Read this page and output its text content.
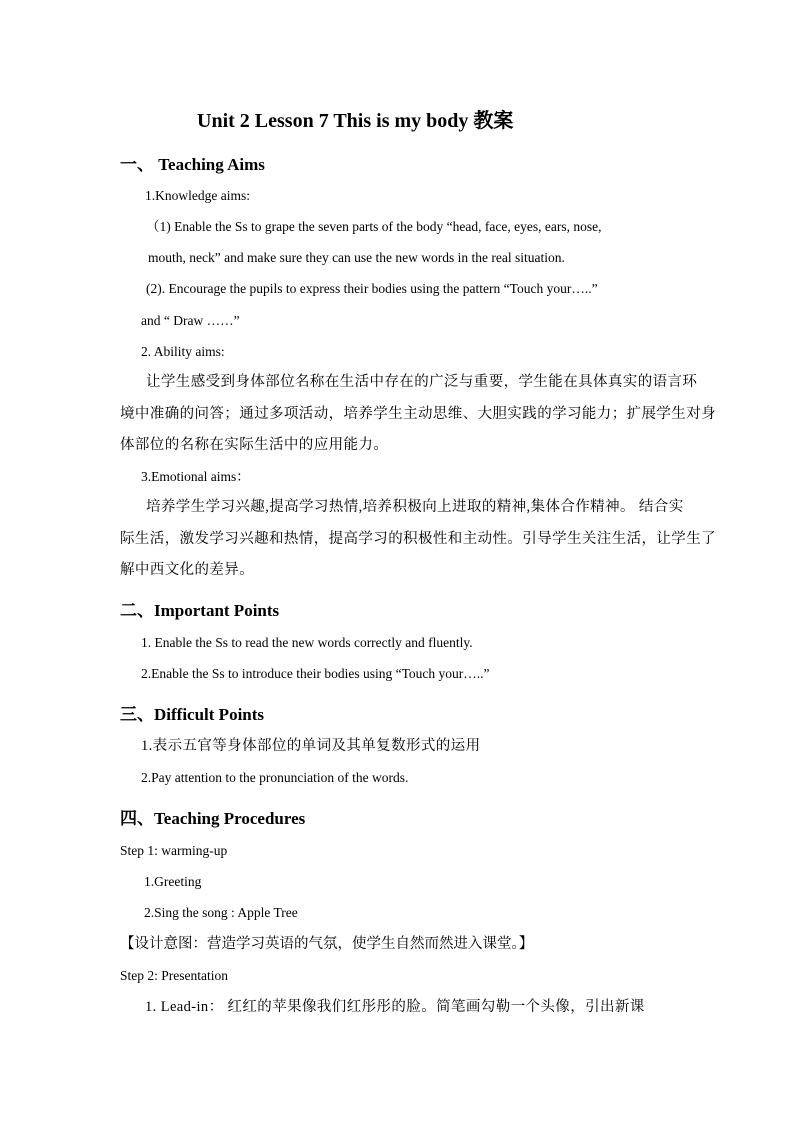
Unit 2 Lesson 7 This is my body 教案
一、 Teaching Aims
1.Knowledge aims:
（1) Enable the Ss to grape the seven parts of the body “head, face, eyes, ears, nose,
mouth, neck” and make sure they can use the new words in the real situation.
(2). Encourage the pupils to express their bodies using the pattern “Touch your…..”
and “ Draw ……”
2. Ability aims:
让学生感受到身体部位名称在生活中存在的广泛与重要，学生能在具体真实的语言环
境中准确的问答；通过多项活动，培养学生主动思维、大胆实践的学习能力；扩展学生对身
体部位的名称在实际生活中的应用能力。
3.Emotional aims：
培养学生学习兴趣,提高学习热情,培养积极向上进取的精神,集体合作精神。 结合实
际生活，激发学习兴趣和热情，提高学习的积极性和主动性。引导学生关注生活，让学生了
解中西文化的差异。
二、Important Points
1. Enable the Ss to read the new words correctly and fluently.
2.Enable the Ss to introduce their bodies using “Touch your…..”
三、Difficult Points
1.表示五官等身体部位的单词及其单复数形式的运用
2.Pay attention to the pronunciation of the words.
四、Teaching Procedures
Step 1: warming-up
1.Greeting
2.Sing the song : Apple Tree
【设计意图：营造学习英语的气氛，使学生自然而然进入课堂。】
Step 2: Presentation
1. Lead-in： 红红的苹果像我们红彤彤的脸。简笔画勾勒一个头像，引出新课
